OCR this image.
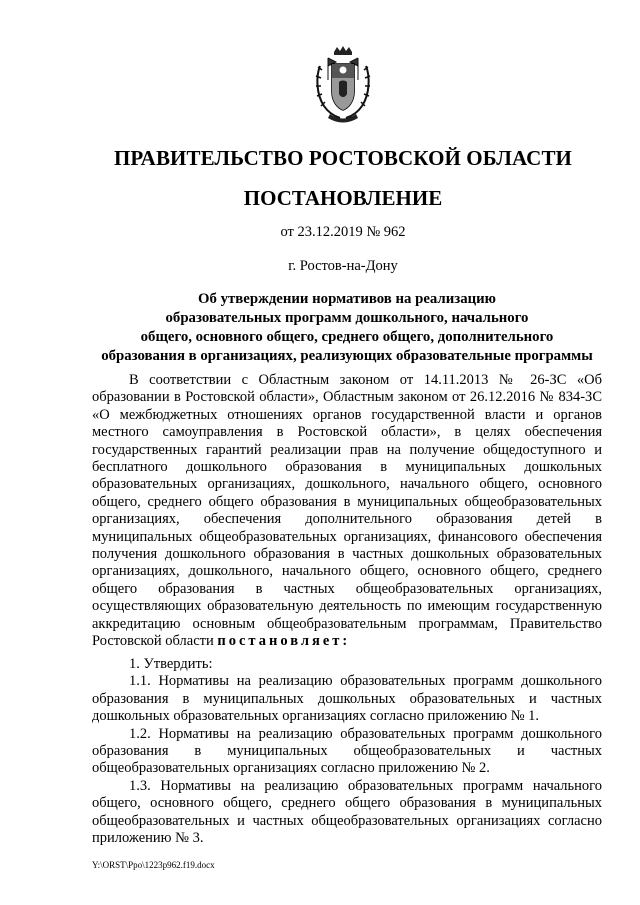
ПРАВИТЕЛЬСТВО РОСТОВСКОЙ ОБЛАСТИ
ПОСТАНОВЛЕНИЕ
от 23.12.2019 № 962
г. Ростов-на-Дону
Об утверждении нормативов на реализацию
образовательных программ дошкольного, начального
общего, основного общего, среднего общего, дополнительного
образования в организациях, реализующих образовательные программы
В соответствии с Областным законом от 14.11.2013 № 26-ЗС «Об образовании в Ростовской области», Областным законом от 26.12.2016 № 834-ЗС «О межбюджетных отношениях органов государственной власти и органов местного самоуправления в Ростовской области», в целях обеспечения государственных гарантий реализации прав на получение общедоступного и бесплатного дошкольного образования в муниципальных дошкольных образовательных организациях, дошкольного, начального общего, основного общего, среднего общего образования в муниципальных общеобразовательных организациях, обеспечения дополнительного образования детей в муниципальных общеобразовательных организациях, финансового обеспечения получения дошкольного образования в частных дошкольных образовательных организациях, дошкольного, начального общего, основного общего, среднего общего образования в частных общеобразовательных организациях, осуществляющих образовательную деятельность по имеющим государственную аккредитацию основным общеобразовательным программам, Правительство Ростовской области постановляет:

1. Утвердить:

1.1. Нормативы на реализацию образовательных программ дошкольного образования в муниципальных дошкольных образовательных и частных дошкольных образовательных организациях согласно приложению № 1.

1.2. Нормативы на реализацию образовательных программ дошкольного образования в муниципальных общеобразовательных и частных общеобразовательных организациях согласно приложению № 2.

1.3. Нормативы на реализацию образовательных программ начального общего, основного общего, среднего общего образования в муниципальных общеобразовательных и частных общеобразовательных организациях согласно приложению № 3.

Y:\ORST\Ppo\1223p962.f19.docx
